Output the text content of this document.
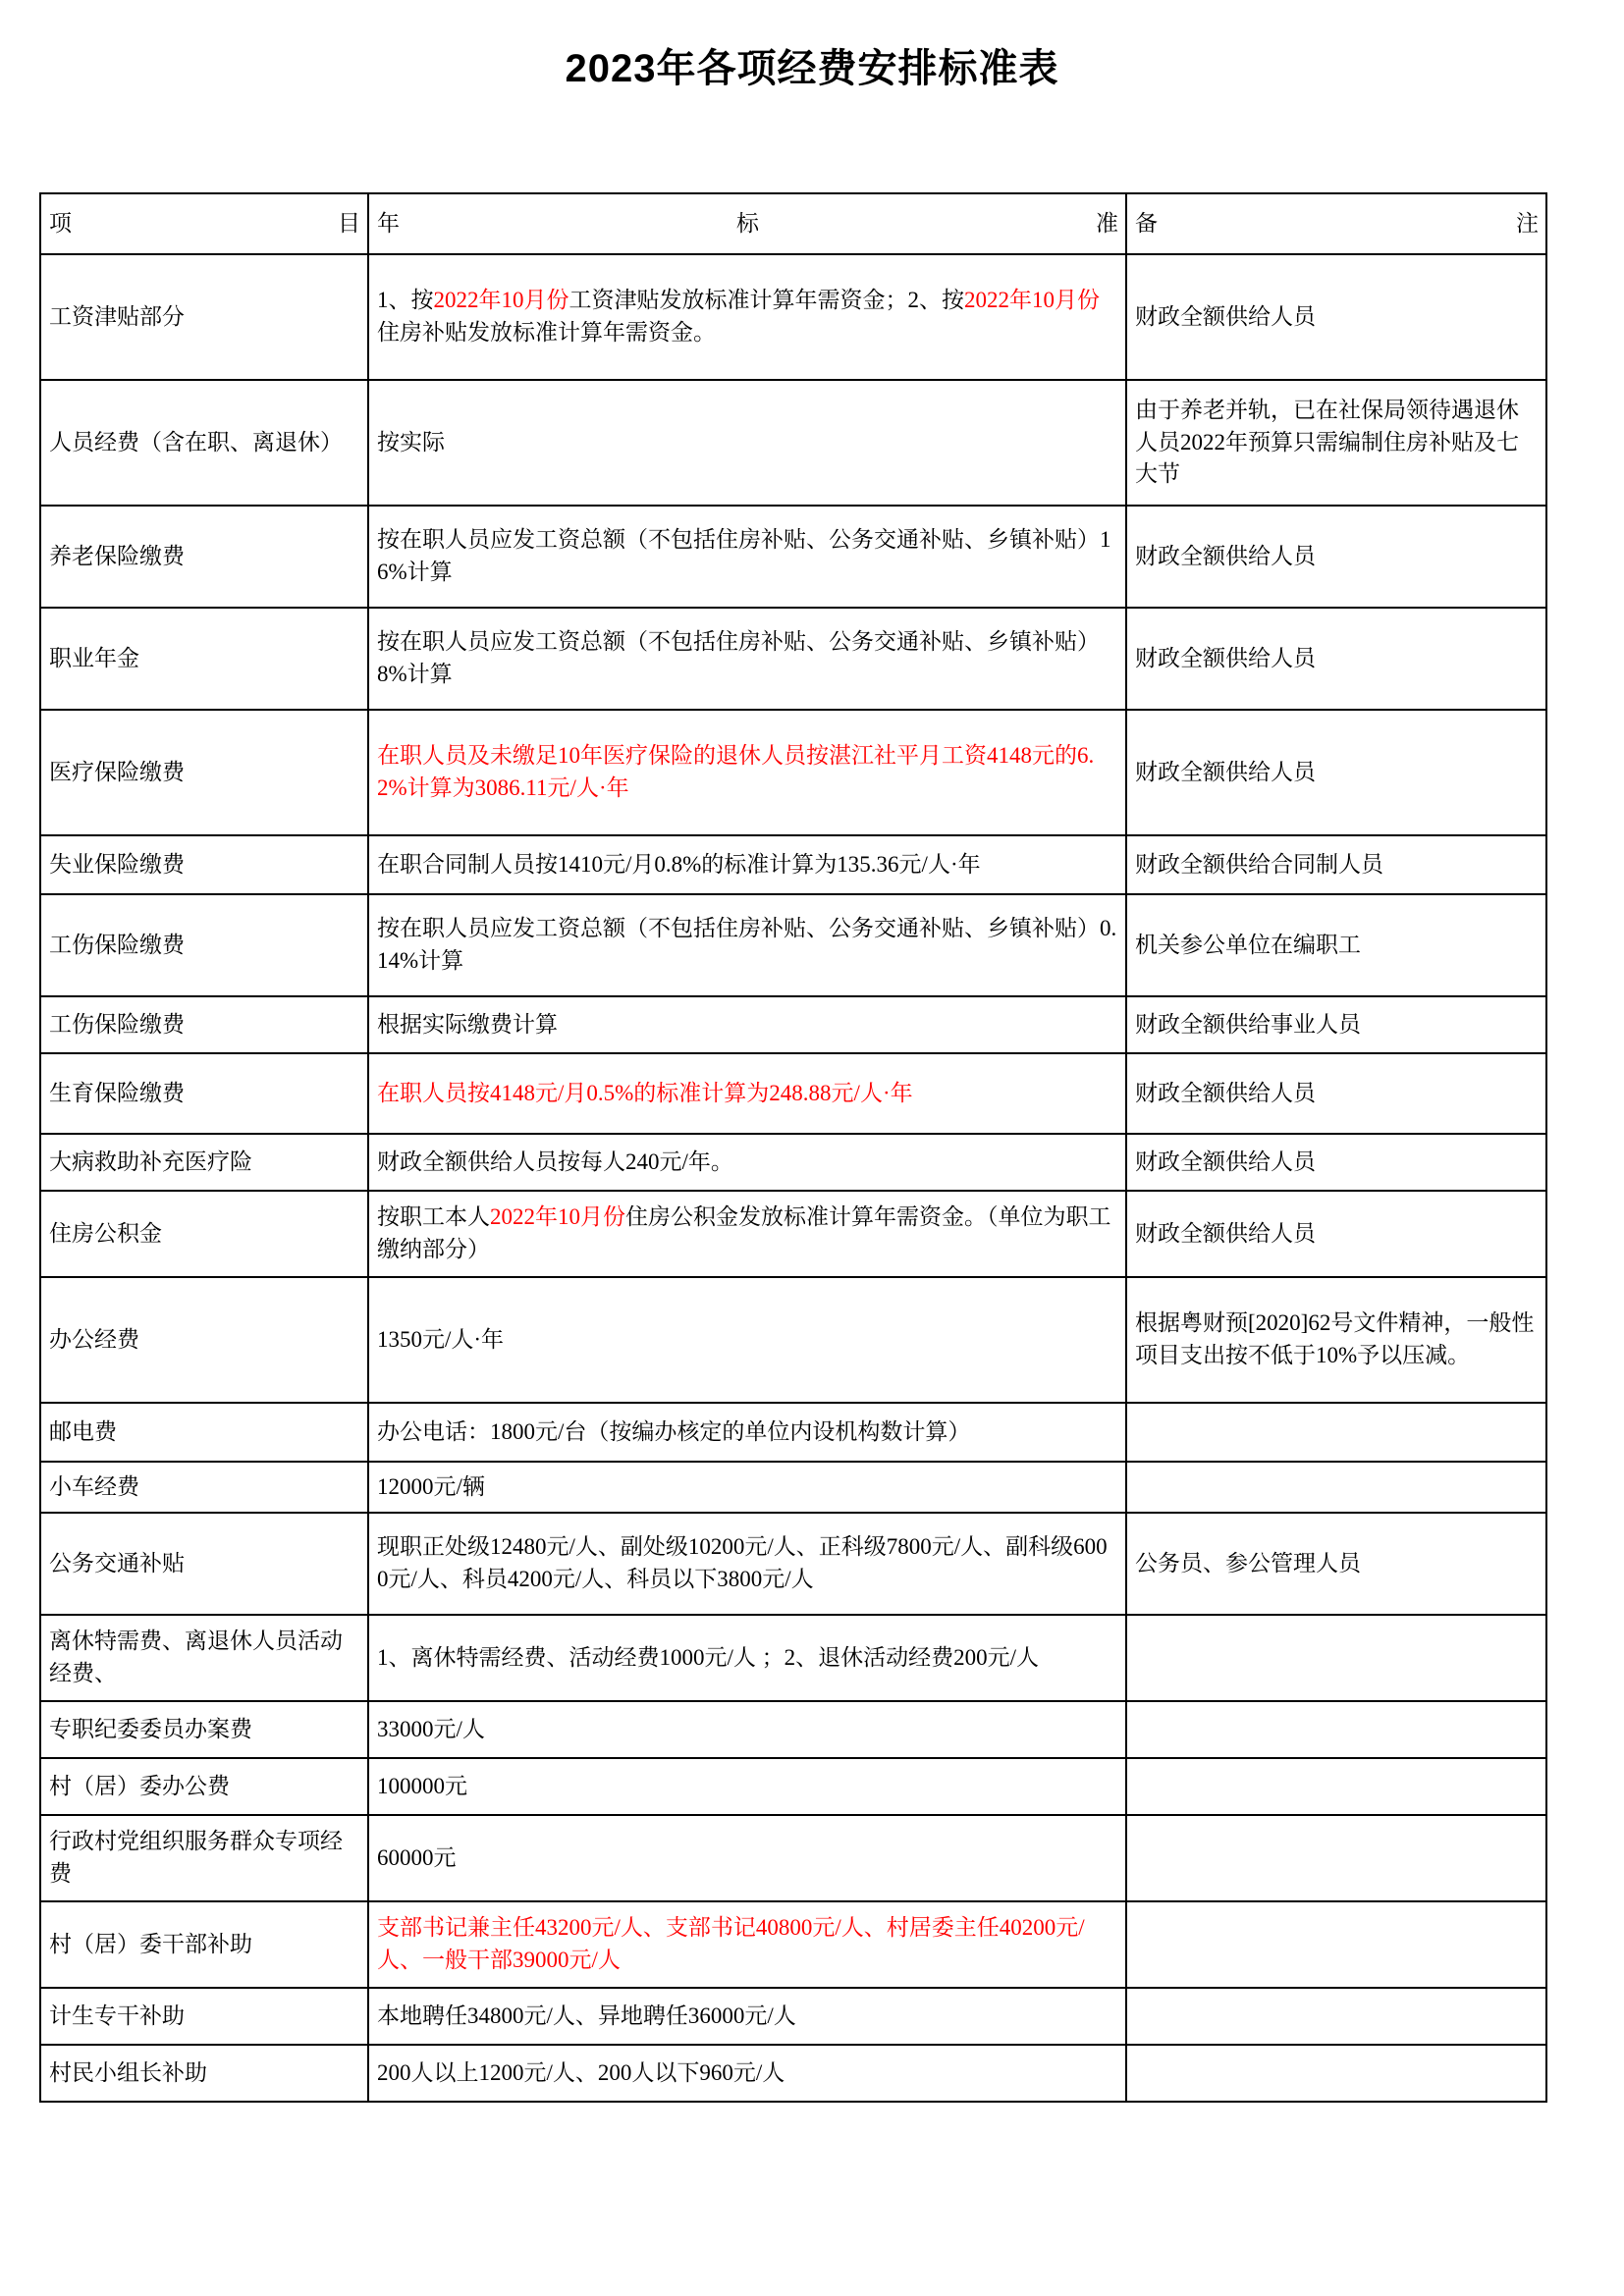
2023年各项经费安排标准表
项 目	年 标 准	备 注

工资津贴部分	1、按2022年10月份工资津贴发放标准计算年需资金；2、按2022年10月份住房补贴发放标准计算年需资金。	财政全额供给人员
人员经费（含在职、离退休）	按实际	由于养老并轨，已在社保局领待遇退休人员2022年预算只需编制住房补贴及七大节
养老保险缴费	按在职人员应发工资总额（不包括住房补贴、公务交通补贴、乡镇补贴）16%计算	财政全额供给人员
职业年金	按在职人员应发工资总额（不包括住房补贴、公务交通补贴、乡镇补贴）8%计算	财政全额供给人员
医疗保险缴费	在职人员及未缴足10年医疗保险的退休人员按湛江社平月工资4148元的6.2%计算为3086.11元/人·年	财政全额供给人员
失业保险缴费	在职合同制人员按1410元/月0.8%的标准计算为135.36元/人·年	财政全额供给合同制人员
工伤保险缴费	按在职人员应发工资总额（不包括住房补贴、公务交通补贴、乡镇补贴）0.14%计算	机关参公单位在编职工
工伤保险缴费	根据实际缴费计算	财政全额供给事业人员
生育保险缴费	在职人员按4148元/月0.5%的标准计算为248.88元/人·年	财政全额供给人员
大病救助补充医疗险	财政全额供给人员按每人240元/年。	财政全额供给人员
住房公积金	按职工本人2022年10月份住房公积金发放标准计算年需资金。（单位为职工缴纳部分）	财政全额供给人员
办公经费	1350元/人·年	根据粤财预[2020]62号文件精神，一般性项目支出按不低于10%予以压减。
邮电费	办公电话：1800元/台（按编办核定的单位内设机构数计算）	
小车经费	12000元/辆	
公务交通补贴	现职正处级12480元/人、副处级10200元/人、正科级7800元/人、副科级6000元/人、科员4200元/人、科员以下3800元/人	公务员、参公管理人员
离休特需费、离退休人员活动经费、	1、离休特需经费、活动经费1000元/人 ；2、退休活动经费200元/人	
专职纪委委员办案费	33000元/人	
村（居）委办公费	100000元	
行政村党组织服务群众专项经费	60000元	
村（居）委干部补助	支部书记兼主任43200元/人、支部书记40800元/人、村居委主任40200元/人、一般干部39000元/人	
计生专干补助	本地聘任34800元/人、异地聘任36000元/人	
村民小组长补助	200人以上1200元/人、200人以下960元/人	
